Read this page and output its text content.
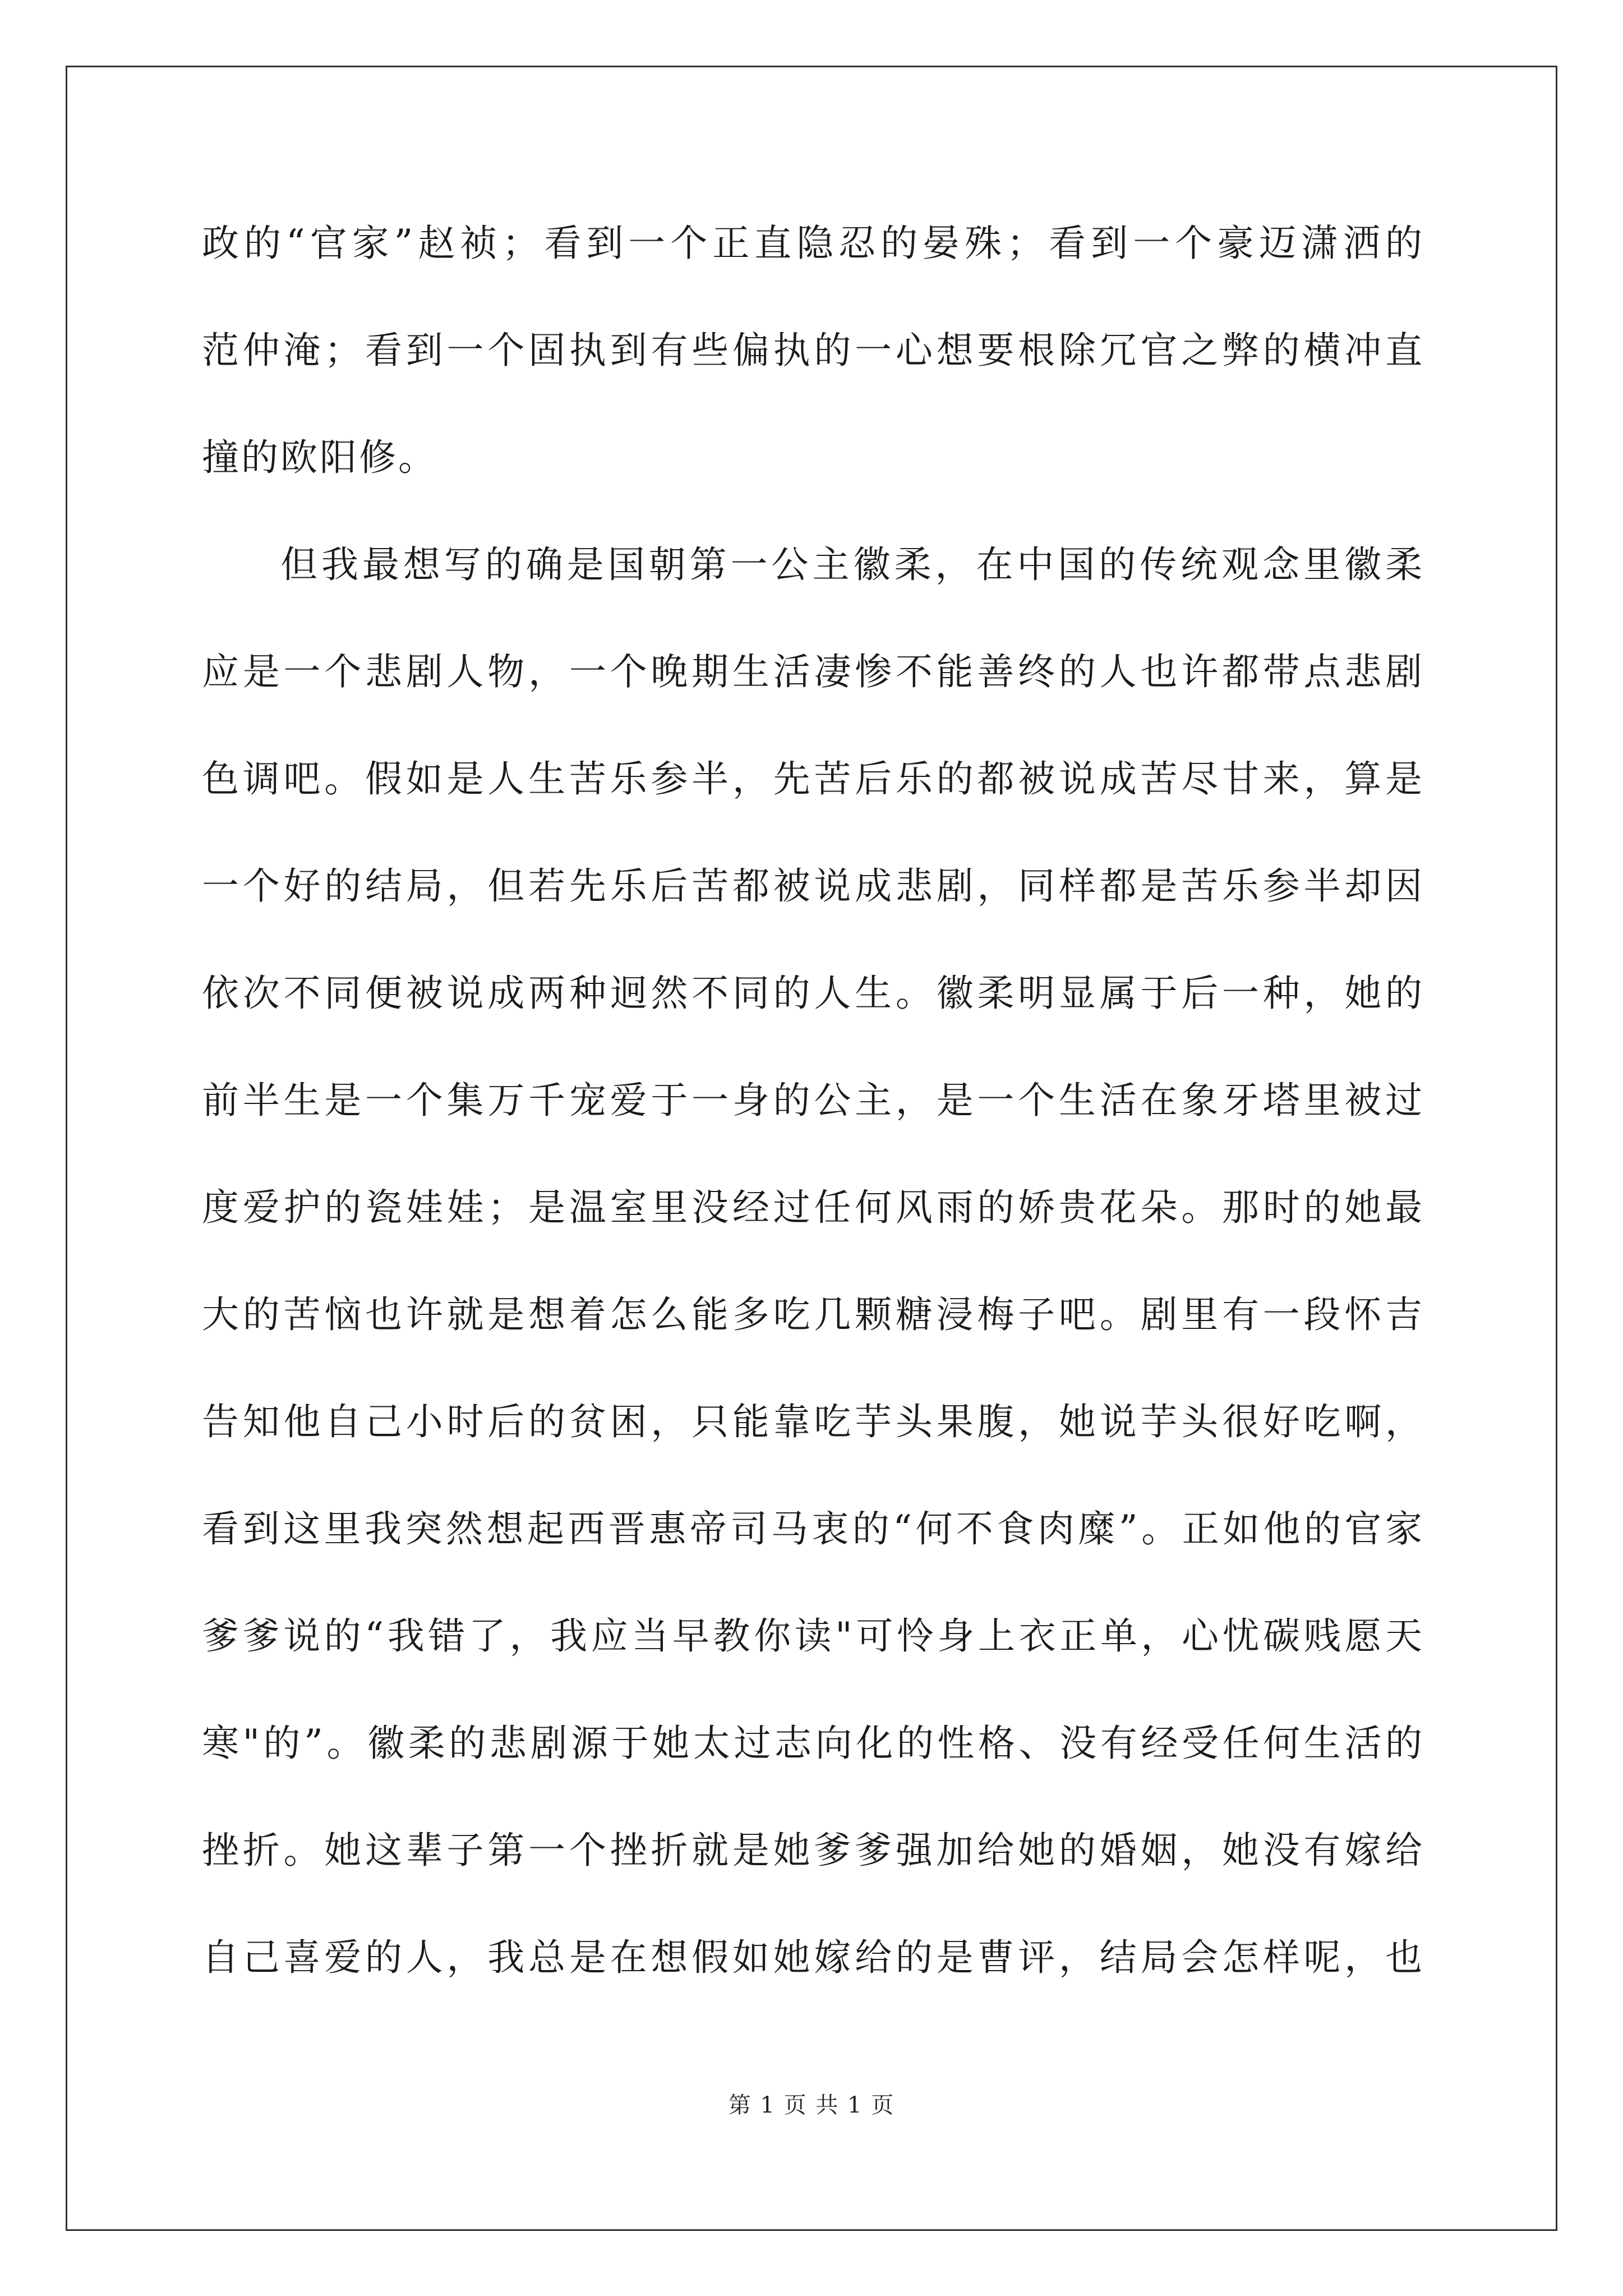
政的“官家”赵祯；看到一个正直隐忍的晏殊；看到一个豪迈潇洒的
范仲淹；看到一个固执到有些偏执的一心想要根除冗官之弊的横冲直
撞的欧阳修。
但我最想写的确是国朝第一公主徽柔，在中国的传统观念里徽柔
应是一个悲剧人物，一个晚期生活凄惨不能善终的人也许都带点悲剧
色调吧。假如是人生苦乐参半，先苦后乐的都被说成苦尽甘来，算是
一个好的结局，但若先乐后苦都被说成悲剧，同样都是苦乐参半却因
依次不同便被说成两种迥然不同的人生。徽柔明显属于后一种，她的
前半生是一个集万千宠爱于一身的公主，是一个生活在象牙塔里被过
度爱护的瓷娃娃；是温室里没经过任何风雨的娇贵花朵。那时的她最
大的苦恼也许就是想着怎么能多吃几颗糖浸梅子吧。剧里有一段怀吉
告知他自己小时后的贫困，只能靠吃芋头果腹，她说芋头很好吃啊，
看到这里我突然想起西晋惠帝司马衷的“何不食肉糜”。正如他的官家
爹爹说的“我错了，我应当早教你读"可怜身上衣正单，心忧碳贱愿天
寒"的”。徽柔的悲剧源于她太过志向化的性格、没有经受任何生活的
挫折。她这辈子第一个挫折就是她爹爹强加给她的婚姻，她没有嫁给
自己喜爱的人，我总是在想假如她嫁给的是曹评，结局会怎样呢，也
第 1 页 共 1 页
